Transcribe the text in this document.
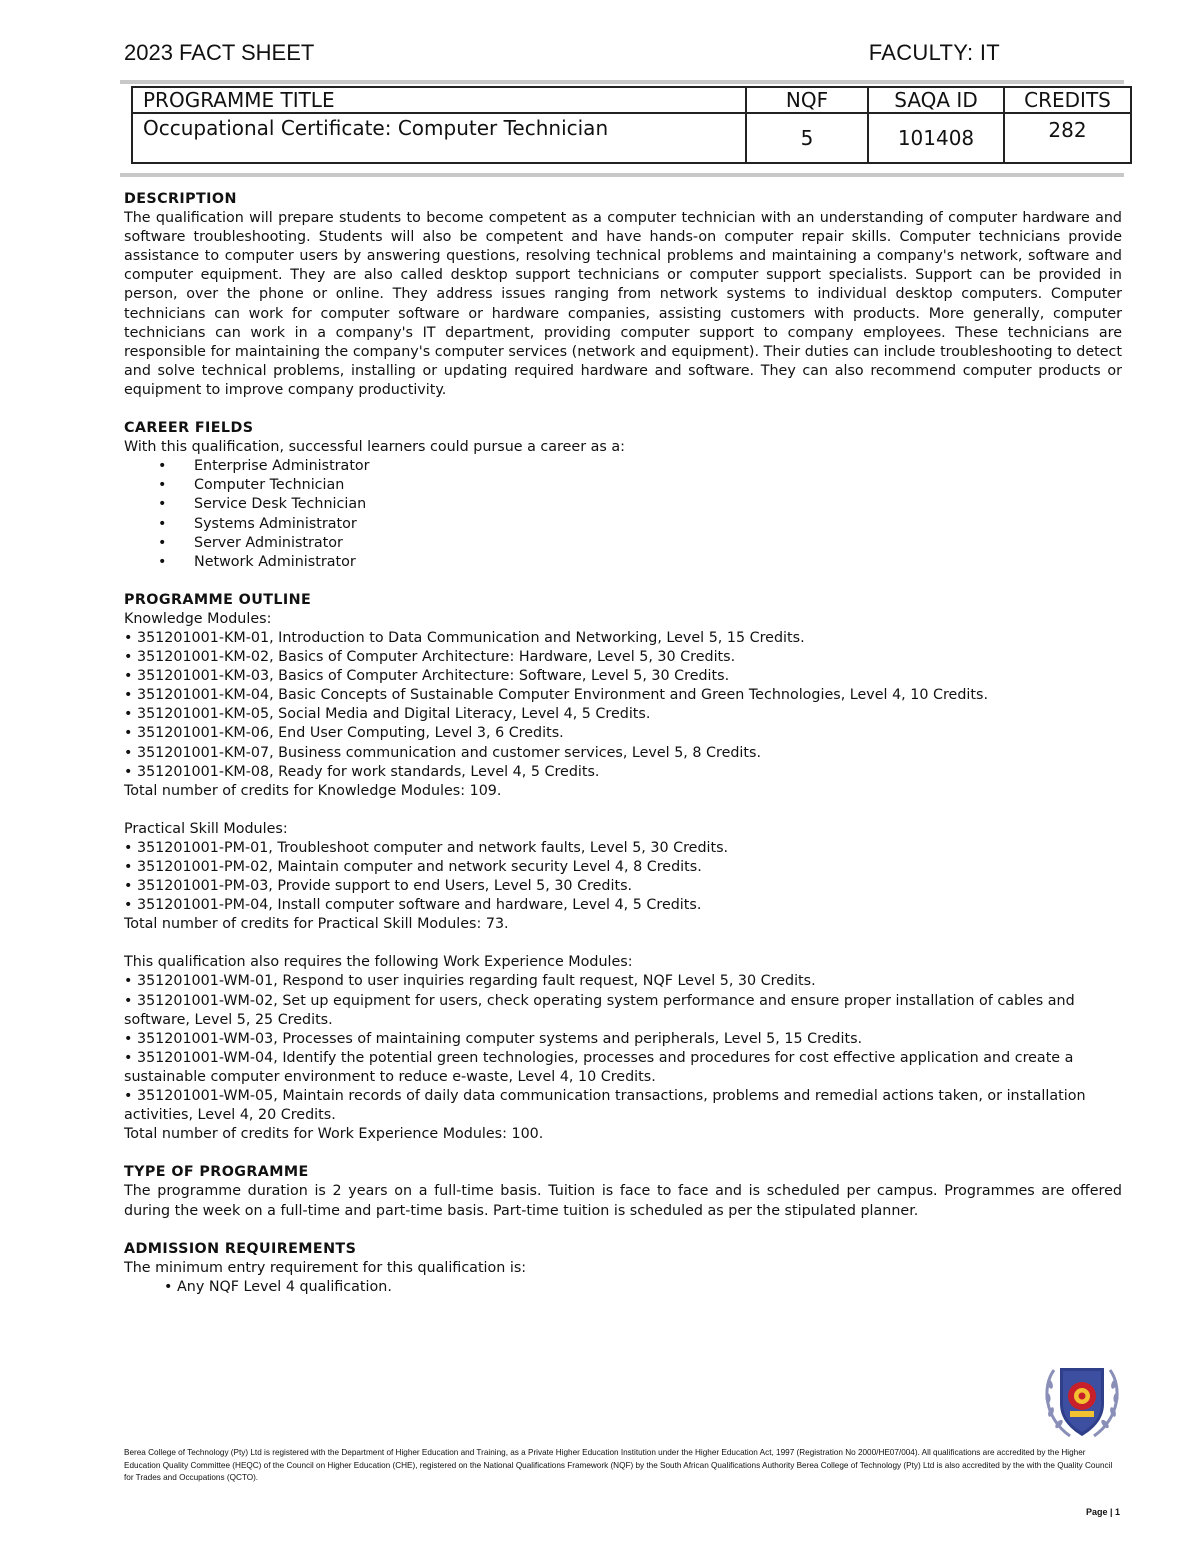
2023 FACT SHEET	FACULTY: IT
PROGRAMME TITLE	NQF	SAQA ID	CREDITS
Occupational Certificate: Computer Technician	5	101408	282
DESCRIPTION

The qualification will prepare students to become competent as a computer technician with an understanding of computer hardware and software troubleshooting. Students will also be competent and have hands-on computer repair skills. Computer technicians provide assistance to computer users by answering questions, resolving technical problems and maintaining a company's network, software and computer equipment. They are also called desktop support technicians or computer support specialists. Support can be provided in person, over the phone or online. They address issues ranging from network systems to individual desktop computers. Computer technicians can work for computer software or hardware companies, assisting customers with products. More generally, computer technicians can work in a company's IT department, providing computer support to company employees. These technicians are responsible for maintaining the company's computer services (network and equipment). Their duties can include troubleshooting to detect and solve technical problems, installing or updating required hardware and software. They can also recommend computer products or equipment to improve company productivity.

CAREER FIELDS

With this qualification, successful learners could pursue a career as a:

• Enterprise Administrator
• Computer Technician
• Service Desk Technician
• Systems Administrator
• Server Administrator
• Network Administrator
PROGRAMME OUTLINE

Knowledge Modules:

• 351201001-KM-01, Introduction to Data Communication and Networking, Level 5, 15 Credits.

• 351201001-KM-02, Basics of Computer Architecture: Hardware, Level 5, 30 Credits.

• 351201001-KM-03, Basics of Computer Architecture: Software, Level 5, 30 Credits.

• 351201001-KM-04, Basic Concepts of Sustainable Computer Environment and Green Technologies, Level 4, 10 Credits.

• 351201001-KM-05, Social Media and Digital Literacy, Level 4, 5 Credits.

• 351201001-KM-06, End User Computing, Level 3, 6 Credits.

• 351201001-KM-07, Business communication and customer services, Level 5, 8 Credits.

• 351201001-KM-08, Ready for work standards, Level 4, 5 Credits.

Total number of credits for Knowledge Modules: 109.

Practical Skill Modules:

• 351201001-PM-01, Troubleshoot computer and network faults, Level 5, 30 Credits.

• 351201001-PM-02, Maintain computer and network security Level 4, 8 Credits.

• 351201001-PM-03, Provide support to end Users, Level 5, 30 Credits.

• 351201001-PM-04, Install computer software and hardware, Level 4, 5 Credits.

Total number of credits for Practical Skill Modules: 73.

This qualification also requires the following Work Experience Modules:

• 351201001-WM-01, Respond to user inquiries regarding fault request, NQF Level 5, 30 Credits.

• 351201001-WM-02, Set up equipment for users, check operating system performance and ensure proper installation of cables and software, Level 5, 25 Credits.

• 351201001-WM-03, Processes of maintaining computer systems and peripherals, Level 5, 15 Credits.

• 351201001-WM-04, Identify the potential green technologies, processes and procedures for cost effective application and create a sustainable computer environment to reduce e-waste, Level 4, 10 Credits.

• 351201001-WM-05, Maintain records of daily data communication transactions, problems and remedial actions taken, or installation activities, Level 4, 20 Credits.

Total number of credits for Work Experience Modules: 100.

TYPE OF PROGRAMME

The programme duration is 2 years on a full-time basis. Tuition is face to face and is scheduled per campus. Programmes are offered during the week on a full-time and part-time basis. Part-time tuition is scheduled as per the stipulated planner.

ADMISSION REQUIREMENTS

The minimum entry requirement for this qualification is:

• Any NQF Level 4 qualification.

Berea College of Technology (Pty) Ltd is registered with the Department of Higher Education and Training, as a Private Higher Education Institution under the Higher Education Act, 1997 (Registration No 2000/HE07/004). All qualifications are accredited by the Higher Education Quality Committee (HEQC) of the Council on Higher Education (CHE), registered on the National Qualifications Framework (NQF) by the South African Qualifications Authority Berea College of Technology (Pty) Ltd is also accredited by the with the Quality Council for Trades and Occupations (QCTO).
Page | 1
